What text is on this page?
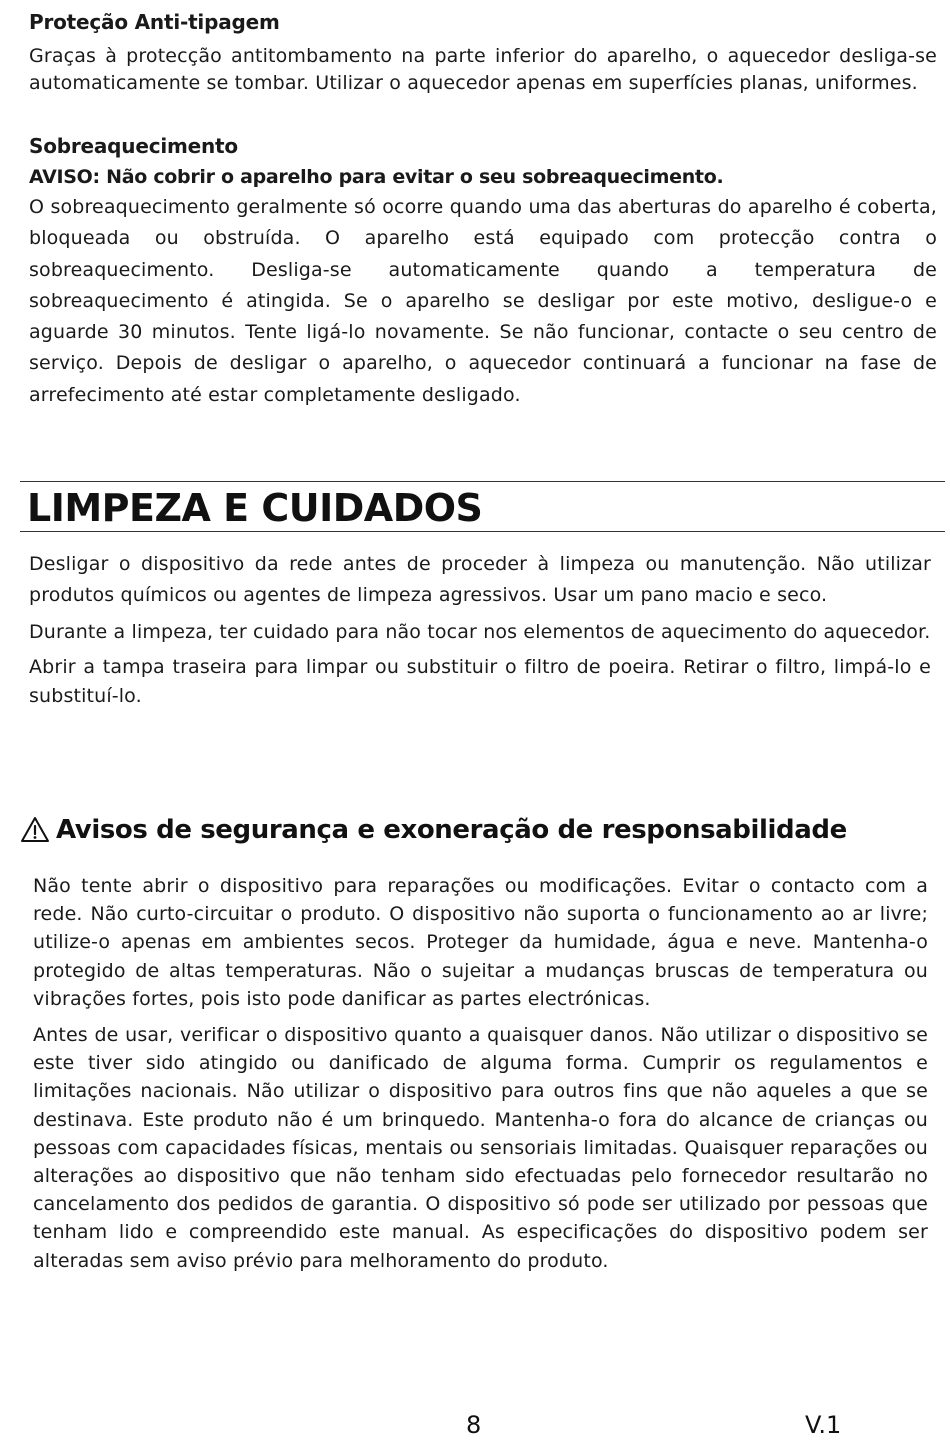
Proteção Anti-tipagem

Graças à protecção antitombamento na parte inferior do aparelho, o aquecedor desliga-se automaticamente se tombar. Utilizar o aquecedor apenas em superfícies planas, uniformes.

Sobreaquecimento

AVISO: Não cobrir o aparelho para evitar o seu sobreaquecimento.

O sobreaquecimento geralmente só ocorre quando uma das aberturas do aparelho é coberta, bloqueada ou obstruída. O aparelho está equipado com protecção contra o sobreaquecimento. Desliga-se automaticamente quando a temperatura de sobreaquecimento é atingida. Se o aparelho se desligar por este motivo, desligue-o e aguarde 30 minutos. Tente ligá-lo novamente. Se não funcionar, contacte o seu centro de serviço. Depois de desligar o aparelho, o aquecedor continuará a funcionar na fase de arrefecimento até estar completamente desligado.

LIMPEZA E CUIDADOS

Desligar o dispositivo da rede antes de proceder à limpeza ou manutenção. Não utilizar produtos químicos ou agentes de limpeza agressivos. Usar um pano macio e seco.

Durante a limpeza, ter cuidado para não tocar nos elementos de aquecimento do aquecedor.

Abrir a tampa traseira para limpar ou substituir o filtro de poeira. Retirar o filtro, limpá-lo e substituí-lo.

Avisos de segurança e exoneração de responsabilidade

Não tente abrir o dispositivo para reparações ou modificações. Evitar o contacto com a rede. Não curto-circuitar o produto. O dispositivo não suporta o funcionamento ao ar livre; utilize-o apenas em ambientes secos. Proteger da humidade, água e neve. Mantenha-o protegido de altas temperaturas. Não o sujeitar a mudanças bruscas de temperatura ou vibrações fortes, pois isto pode danificar as partes electrónicas.

Antes de usar, verificar o dispositivo quanto a quaisquer danos. Não utilizar o dispositivo se este tiver sido atingido ou danificado de alguma forma. Cumprir os regulamentos e limitações nacionais. Não utilizar o dispositivo para outros fins que não aqueles a que se destinava. Este produto não é um brinquedo. Mantenha-o fora do alcance de crianças ou pessoas com capacidades físicas, mentais ou sensoriais limitadas. Quaisquer reparações ou alterações ao dispositivo que não tenham sido efectuadas pelo fornecedor resultarão no cancelamento dos pedidos de garantia. O dispositivo só pode ser utilizado por pessoas que tenham lido e compreendido este manual. As especificações do dispositivo podem ser alteradas sem aviso prévio para melhoramento do produto.

8	V.1
